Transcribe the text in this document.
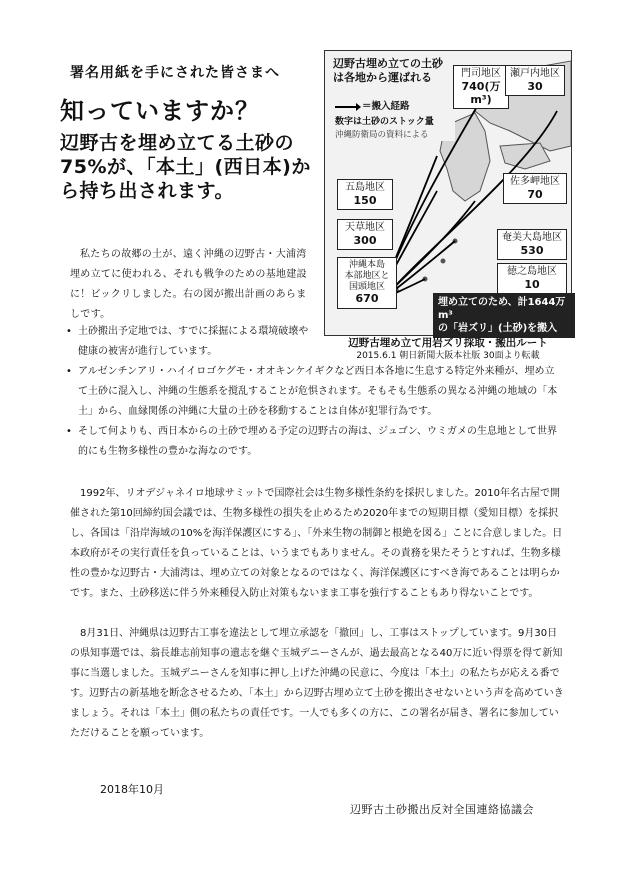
署名用紙を手にされた皆さまへ
知っていますか？
辺野古を埋め立てる土砂の75%が、「本土」(西日本)から持ち出されます。

私たちの故郷の土が、遠く沖縄の辺野古・大浦湾埋め立てに使われる、それも戦争のための基地建設に！ビックリしました。右の図が搬出計画のあらましです。

• 土砂搬出予定地では、すでに採掘による環境破壊や健康の被害が進行しています。

• アルゼンチンアリ・ハイイロゴケグモ・オオキンケイギクなど西日本各地に生息する特定外来種が、埋め立て土砂に混入し、沖縄の生態系を撹乱することが危惧されます。そもそも生態系の異なる沖縄の地域の「本土」から、血縁関係の沖縄に大量の土砂を移動することは自体が犯罪行為です。

• そして何よりも、西日本からの土砂で埋める予定の辺野古の海は、ジュゴン、ウミガメの生息地として世界的にも生物多様性の豊かな海なのです。

1992年、リオデジャネイロ地球サミットで国際社会は生物多様性条約を採択しました。2010年名古屋で開催された第10回締約国会議では、生物多様性の損失を止めるため2020年までの短期目標（愛知目標）を採択し、各国は「沿岸海域の10%を海洋保護区にする」、「外来生物の制御と根絶を図る」ことに合意しました。日本政府がその実行責任を負っていることは、いうまでもありません。その責務を果たそうとすれば、生物多様性の豊かな辺野古・大浦湾は、埋め立ての対象となるのではなく、海洋保護区にすべき海であることは明らかです。また、土砂移送に伴う外来種侵入防止対策もないまま工事を強行することもあり得ないことです。

8月31日、沖縄県は辺野古工事を違法として埋立承認を「撤回」し、工事はストップしています。9月30日の県知事選では、翁長雄志前知事の遺志を継ぐ玉城デニーさんが、過去最高となる40万に近い得票を得て新知事に当選しました。玉城デニーさんを知事に押し上げた沖縄の民意に、今度は「本土」の私たちが応える番です。辺野古の新基地を断念させるため、「本土」から辺野古埋め立て土砂を搬出させないという声を高めていきましょう。それは「本土」側の私たちの責任です。一人でも多くの方に、この署名が届き、署名に参加していただけることを願っています。

2018年10月
辺野古土砂搬出反対全国連絡協議会
辺野古埋め立ての土砂は各地から運ばれる
＝搬入経路
数字は土砂のストック量
沖縄防衛局の資料による
門司地区
740(万m³)
瀬戸内地区
30
五島地区
150
天草地区
300
佐多岬地区
70
奄美大島地区
530
沖縄本島
本部地区と
国頭地区
670
徳之島地区
10
埋め立てのため、計1644万m³
の「岩ズリ」(土砂)を搬入
辺野古埋め立て用岩ズリ採取・搬出ルート
2015.6.1 朝日新聞大阪本社版 30面より転載
